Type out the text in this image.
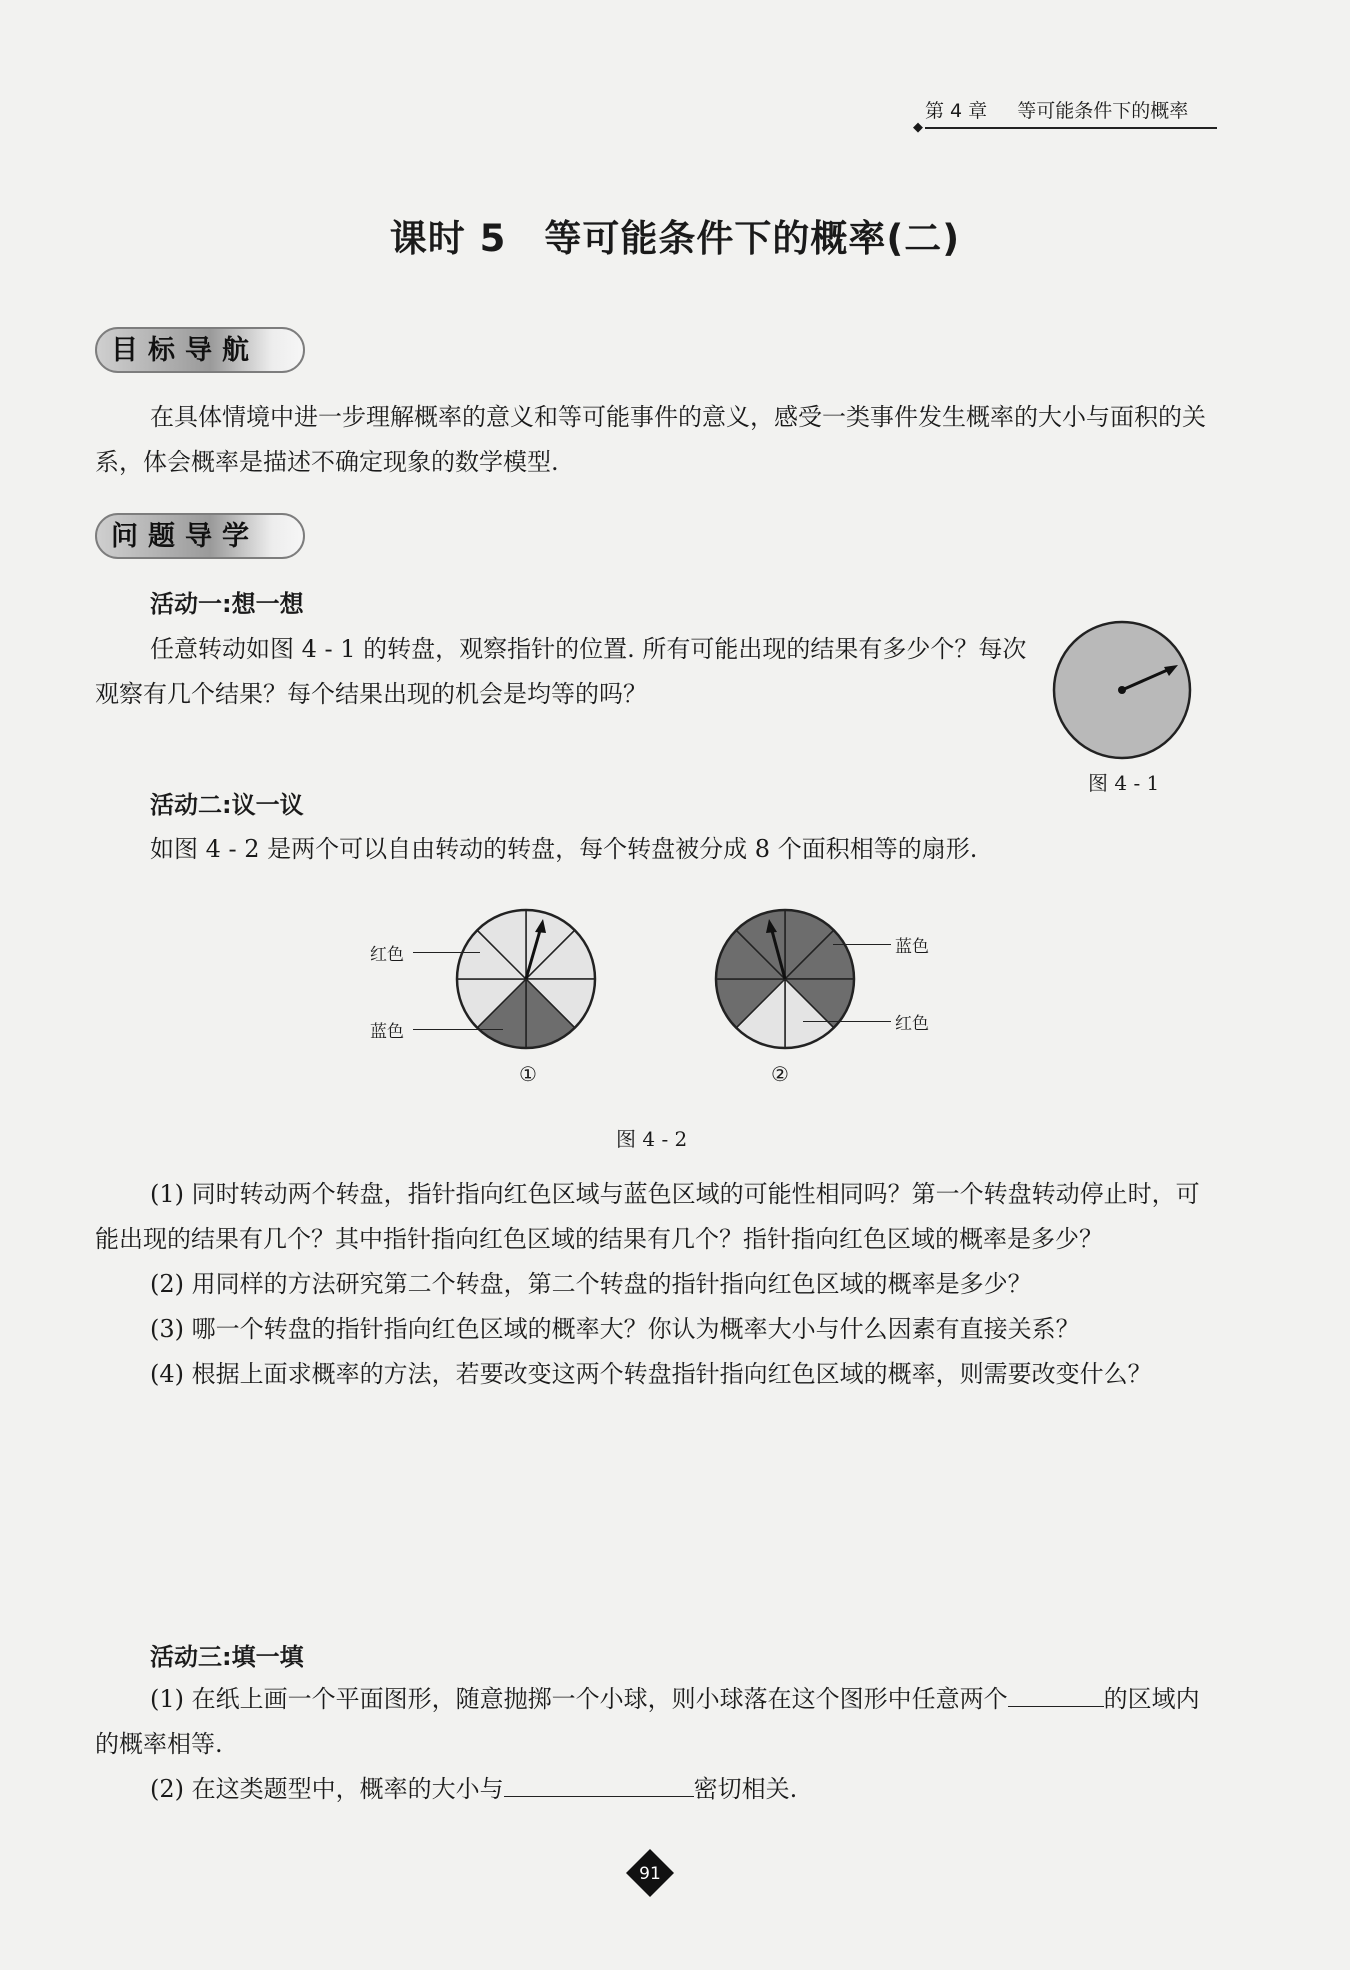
◆
第 4 章 等可能条件下的概率
课时 5　等可能条件下的概率(二)
目标导航

在具体情境中进一步理解概率的意义和等可能事件的意义，感受一类事件发生概率的大小与面积的关系，体会概率是描述不确定现象的数学模型.

问题导学
活动一:想一想

任意转动如图 4 - 1 的转盘，观察指针的位置. 所有可能出现的结果有多少个？每次观察有几个结果？每个结果出现的机会是均等的吗？

图 4 - 1
活动二:议一议

如图 4 - 2 是两个可以自由转动的转盘，每个转盘被分成 8 个面积相等的扇形.

红色
蓝色
①
蓝色
红色
②
图 4 - 2

(1) 同时转动两个转盘，指针指向红色区域与蓝色区域的可能性相同吗？第一个转盘转动停止时，可能出现的结果有几个？其中指针指向红色区域的结果有几个？指针指向红色区域的概率是多少？

(2) 用同样的方法研究第二个转盘，第二个转盘的指针指向红色区域的概率是多少？

(3) 哪一个转盘的指针指向红色区域的概率大？你认为概率大小与什么因素有直接关系？

(4) 根据上面求概率的方法，若要改变这两个转盘指针指向红色区域的概率，则需要改变什么？

活动三:填一填

(1) 在纸上画一个平面图形，随意抛掷一个小球，则小球落在这个图形中任意两个	的区域内的概率相等.

(2) 在这类题型中，概率的大小与	密切相关.

91
